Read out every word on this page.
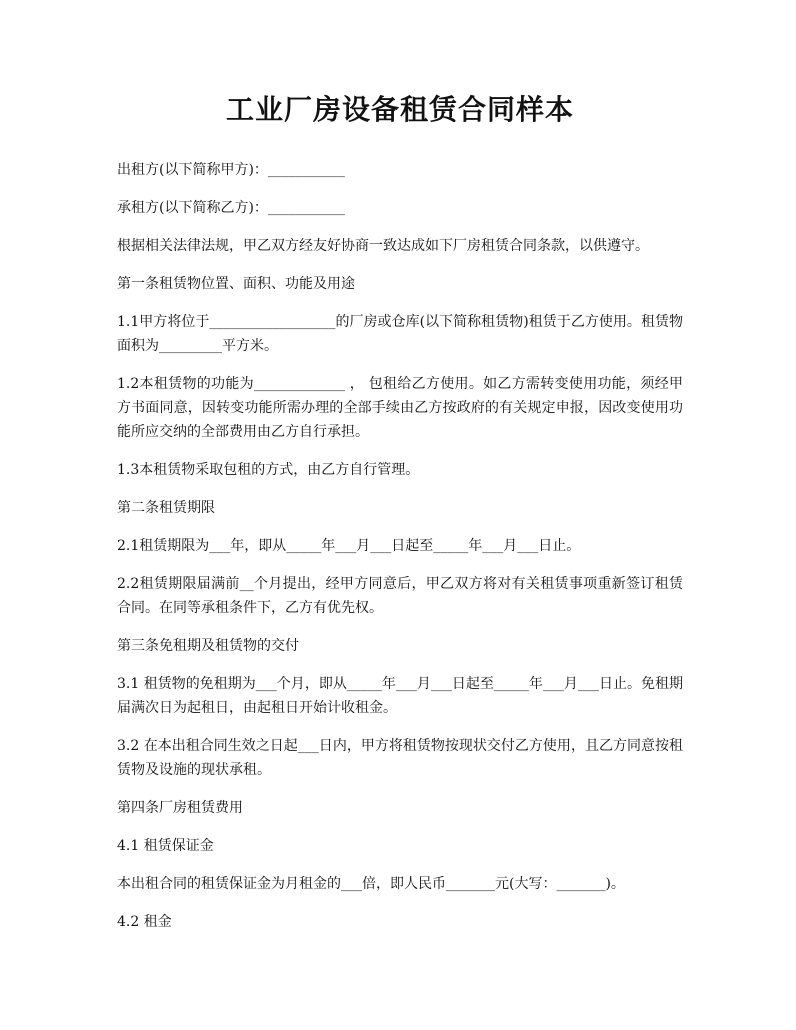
工业厂房设备租赁合同样本

出租方(以下简称甲方)：___________

承租方(以下简称乙方)：___________

根据相关法律法规，甲乙双方经友好协商一致达成如下厂房租赁合同条款，以供遵守。

第一条租赁物位置、面积、功能及用途

1.1甲方将位于__________________的厂房或仓库(以下简称租赁物)租赁于乙方使用。租赁物面积为_________平方米。

1.2本租赁物的功能为_____________ ， 包租给乙方使用。如乙方需转变使用功能，须经甲方书面同意，因转变功能所需办理的全部手续由乙方按政府的有关规定申报，因改变使用功能所应交纳的全部费用由乙方自行承担。

1.3本租赁物采取包租的方式，由乙方自行管理。

第二条租赁期限

2.1租赁期限为___年，即从_____年___月___日起至_____年___月___日止。

2.2租赁期限届满前__个月提出，经甲方同意后，甲乙双方将对有关租赁事项重新签订租赁合同。在同等承租条件下，乙方有优先权。

第三条免租期及租赁物的交付

3.1 租赁物的免租期为___个月，即从_____年___月___日起至_____年___月___日止。免租期届满次日为起租日，由起租日开始计收租金。

3.2 在本出租合同生效之日起___日内，甲方将租赁物按现状交付乙方使用，且乙方同意按租赁物及设施的现状承租。

第四条厂房租赁费用

4.1 租赁保证金

本出租合同的租赁保证金为月租金的___倍，即人民币_______元(大写：_______)。

4.2 租金
